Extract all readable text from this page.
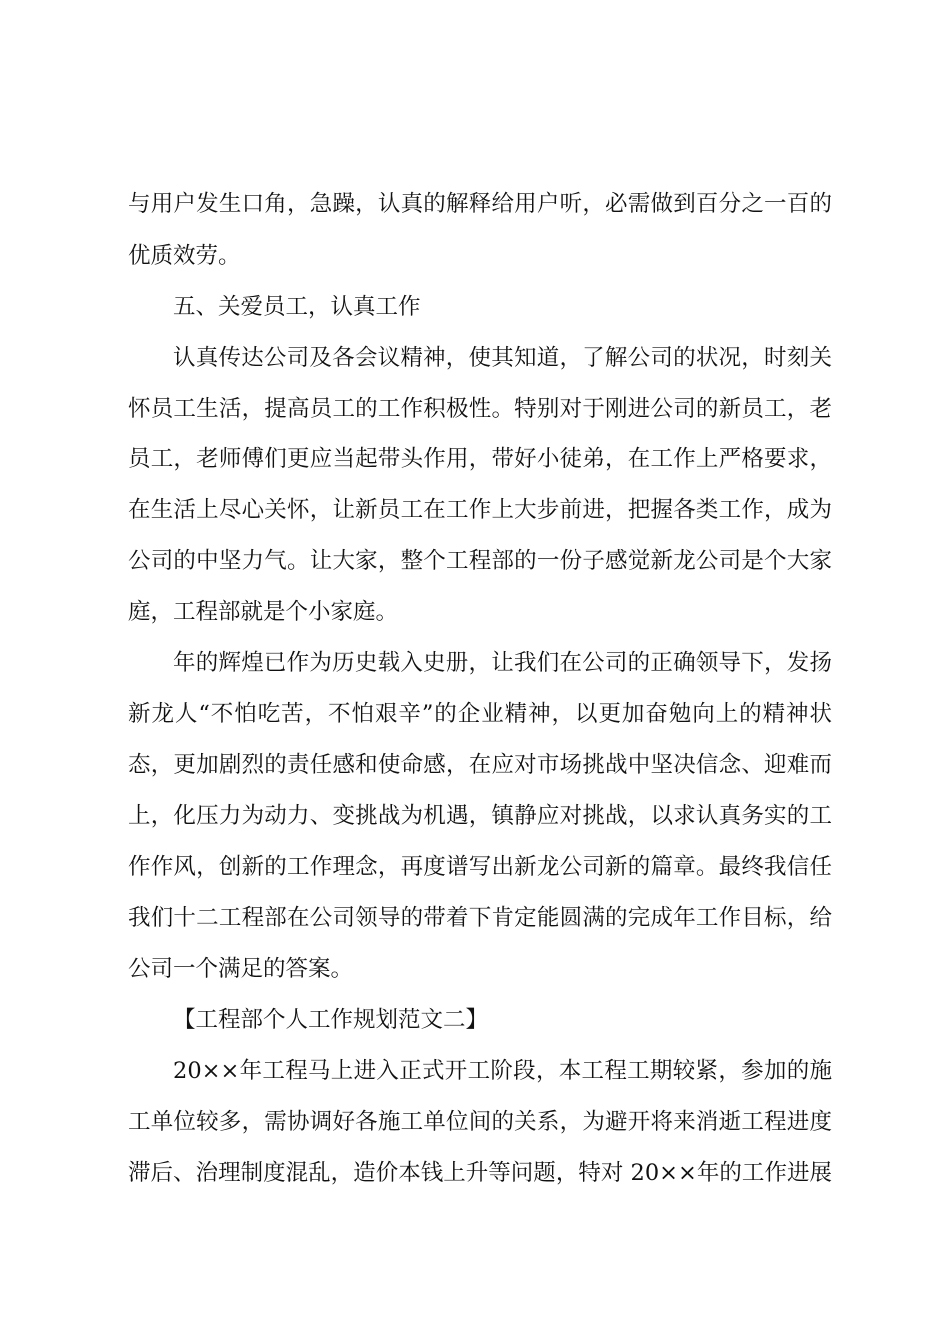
与用户发生口角，急躁，认真的解释给用户听，必需做到百分之一百的
优质效劳。
五、关爱员工，认真工作
认真传达公司及各会议精神，使其知道，了解公司的状况，时刻关
怀员工生活，提高员工的工作积极性。特别对于刚进公司的新员工，老
员工，老师傅们更应当起带头作用，带好小徒弟，在工作上严格要求，
在生活上尽心关怀，让新员工在工作上大步前进，把握各类工作，成为
公司的中坚力气。让大家，整个工程部的一份子感觉新龙公司是个大家
庭，工程部就是个小家庭。
年的辉煌已作为历史载入史册，让我们在公司的正确领导下，发扬
新龙人“不怕吃苦，不怕艰辛”的企业精神，以更加奋勉向上的精神状
态，更加剧烈的责任感和使命感，在应对市场挑战中坚决信念、迎难而
上，化压力为动力、变挑战为机遇，镇静应对挑战，以求认真务实的工
作作风，创新的工作理念，再度谱写出新龙公司新的篇章。最终我信任
我们十二工程部在公司领导的带着下肯定能圆满的完成年工作目标，给
公司一个满足的答案。
【工程部个人工作规划范文二】
20××年工程马上进入正式开工阶段，本工程工期较紧，参加的施
工单位较多，需协调好各施工单位间的关系，为避开将来消逝工程进度
滞后、治理制度混乱，造价本钱上升等问题，特对 20××年的工作进展
